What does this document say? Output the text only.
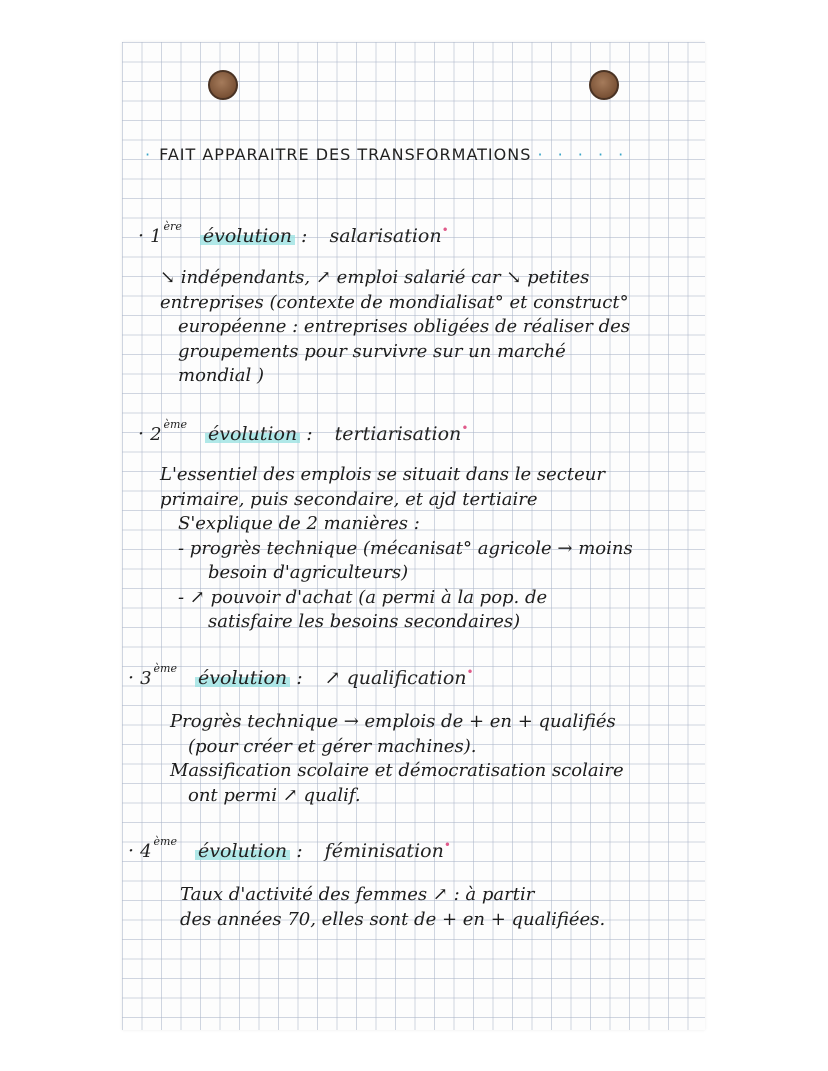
· FAIT APPARAITRE DES TRANSFORMATIONS · · · · ·
· 1 $^{ère}$ évolution : salarisation•
↘ indépendants, ↗ emploi salarié car ↘ petites
entreprises (contexte de mondialisat° et construct°
européenne : entreprises obligées de réaliser des
groupements pour survivre sur un marché
mondial )
· 2 $^{ème}$ évolution : tertiarisation•
L'essentiel des emplois se situait dans le secteur
primaire, puis secondaire, et ajd tertiaire
S'explique de 2 manières :
- progrès technique (mécanisat° agricole → moins
besoin d'agriculteurs)
- ↗ pouvoir d'achat (a permi à la pop. de
satisfaire les besoins secondaires)
· 3 $^{ème}$ évolution : ↗ qualification•
Progrès technique → emplois de + en + qualifiés
(pour créer et gérer machines).
Massification scolaire et démocratisation scolaire
ont permi ↗ qualif.
· 4 $^{ème}$ évolution : féminisation•
Taux d'activité des femmes ↗ : à partir
des années 70, elles sont de + en + qualifiées.
